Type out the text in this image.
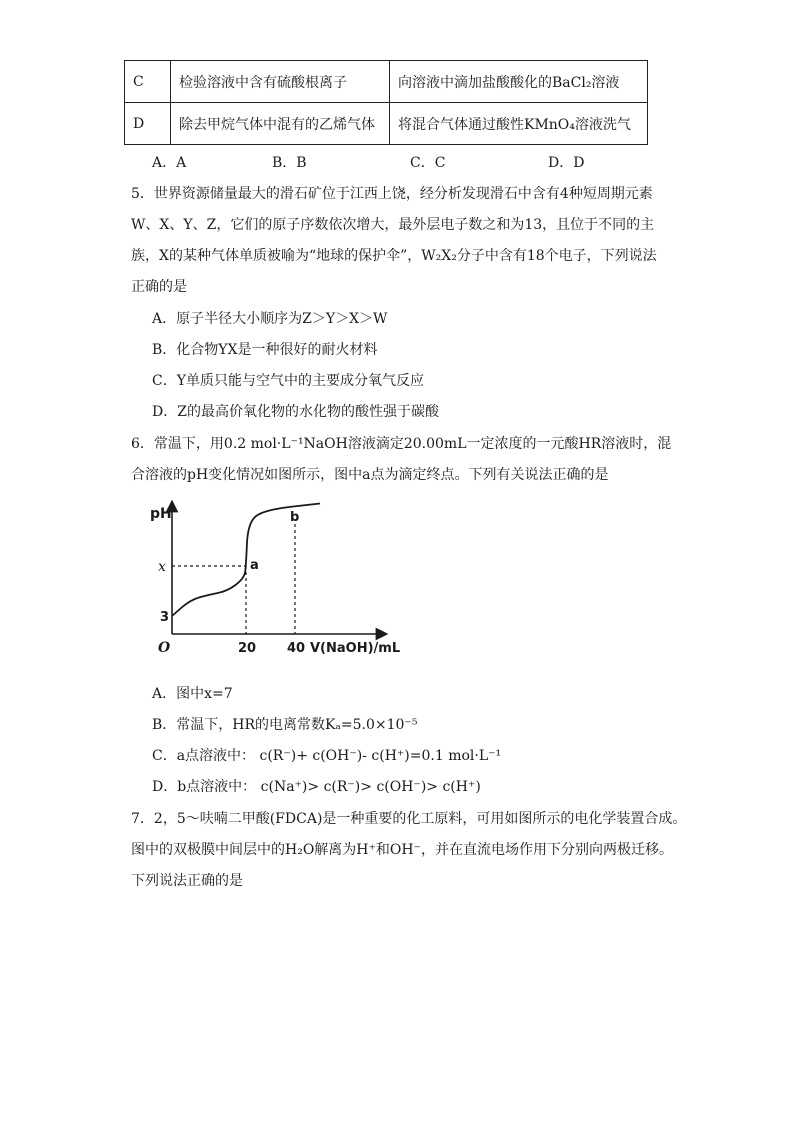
C	检验溶液中含有硫酸根离子	向溶液中滴加盐酸酸化的BaCl₂溶液
D	除去甲烷气体中混有的乙烯气体	将混合气体通过酸性KMnO₄溶液洗气
A．A	B．B	C．C	D．D
5．世界资源储量最大的滑石矿位于江西上饶，经分析发现滑石中含有4种短周期元素
W、X、Y、Z，它们的原子序数依次增大，最外层电子数之和为13，且位于不同的主
族，X的某种气体单质被喻为“地球的保护伞”，W₂X₂分子中含有18个电子，下列说法
正确的是
A．原子半径大小顺序为Z＞Y＞X＞W
B．化合物YX是一种很好的耐火材料
C．Y单质只能与空气中的主要成分氧气反应
D．Z的最高价氧化物的水化物的酸性强于碳酸
6．常温下，用0.2 mol·L⁻¹NaOH溶液滴定20.00mL一定浓度的一元酸HR溶液时，混
合溶液的pH变化情况如图所示，图中a点为滴定终点。下列有关说法正确的是
pH
x
3
O	20 40 V(NaOH)/mL
a
b
A．图中x=7
B．常温下，HR的电离常数Kₐ=5.0×10⁻⁵
C．a点溶液中： c(R⁻)+ c(OH⁻)- c(H⁺)=0.1 mol·L⁻¹
D．b点溶液中： c(Na⁺)> c(R⁻)> c(OH⁻)> c(H⁺)
7．2，5～呋喃二甲酸(FDCA)是一种重要的化工原料，可用如图所示的电化学装置合成。
图中的双极膜中间层中的H₂O解离为H⁺和OH⁻，并在直流电场作用下分别向两极迁移。
下列说法正确的是
